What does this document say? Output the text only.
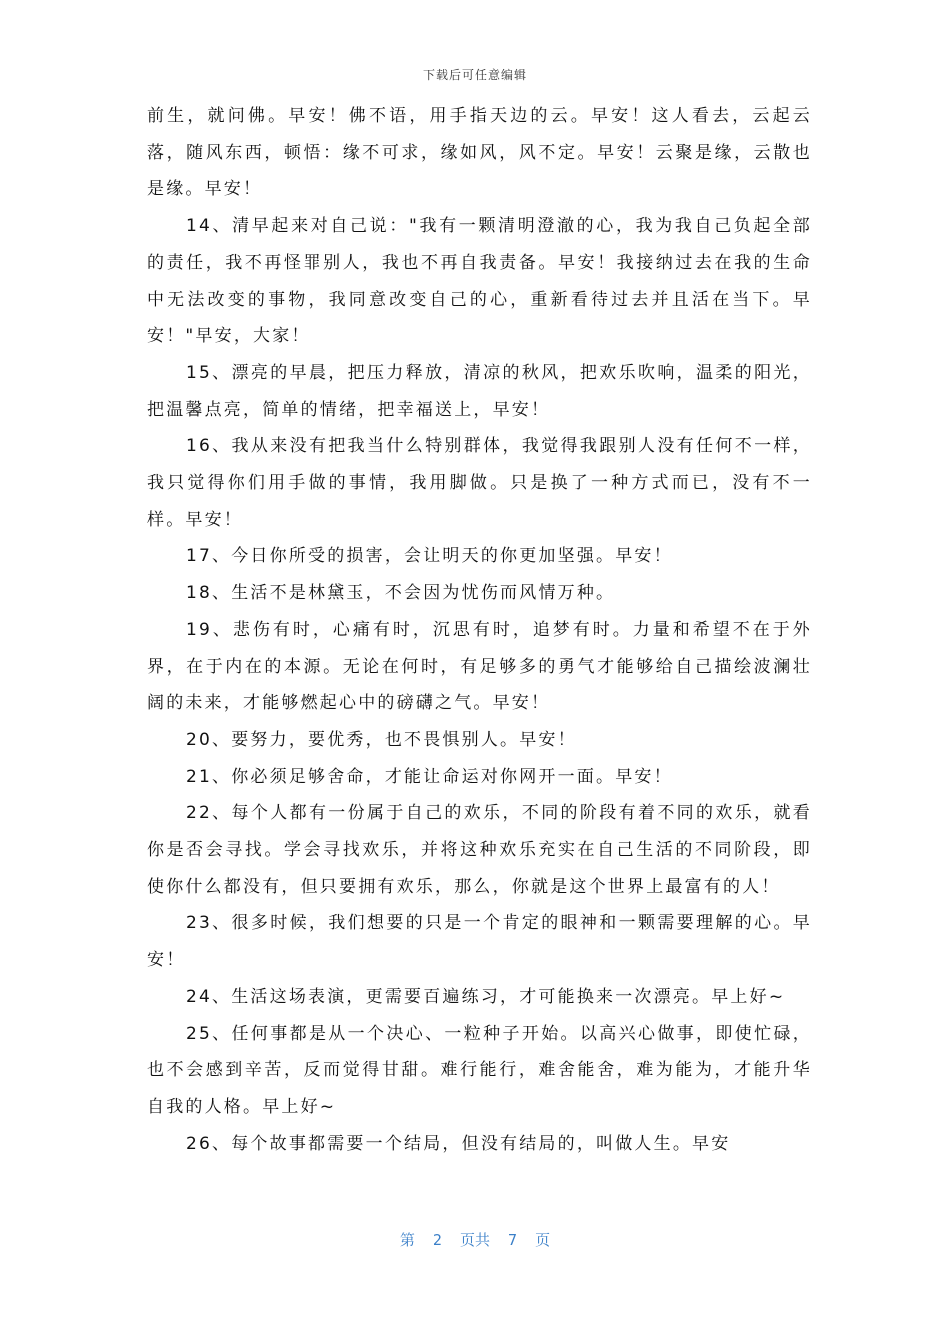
下载后可任意编辑

前生，就问佛。早安！佛不语，用手指天边的云。早安！这人看去，云起云落，随风东西，顿悟：缘不可求，缘如风，风不定。早安！云聚是缘，云散也是缘。早安！

14、清早起来对自己说："我有一颗清明澄澈的心，我为我自己负起全部的责任，我不再怪罪别人，我也不再自我责备。早安！我接纳过去在我的生命中无法改变的事物，我同意改变自己的心，重新看待过去并且活在当下。早安！"早安，大家！

15、漂亮的早晨，把压力释放，清凉的秋风，把欢乐吹响，温柔的阳光，把温馨点亮，简单的情绪，把幸福送上，早安！

16、我从来没有把我当什么特别群体，我觉得我跟别人没有任何不一样，我只觉得你们用手做的事情，我用脚做。只是换了一种方式而已，没有不一样。早安！

17、今日你所受的损害，会让明天的你更加坚强。早安！

18、生活不是林黛玉，不会因为忧伤而风情万种。

19、悲伤有时，心痛有时，沉思有时，追梦有时。力量和希望不在于外界，在于内在的本源。无论在何时，有足够多的勇气才能够给自己描绘波澜壮阔的未来，才能够燃起心中的磅礴之气。早安！

20、要努力，要优秀，也不畏惧别人。早安！

21、你必须足够舍命，才能让命运对你网开一面。早安！

22、每个人都有一份属于自己的欢乐，不同的阶段有着不同的欢乐，就看你是否会寻找。学会寻找欢乐，并将这种欢乐充实在自己生活的不同阶段，即使你什么都没有，但只要拥有欢乐，那么，你就是这个世界上最富有的人！

23、很多时候，我们想要的只是一个肯定的眼神和一颗需要理解的心。早安！

24、生活这场表演，更需要百遍练习，才可能换来一次漂亮。早上好~

25、任何事都是从一个决心、一粒种子开始。以高兴心做事，即使忙碌，也不会感到辛苦，反而觉得甘甜。难行能行，难舍能舍，难为能为，才能升华自我的人格。早上好~

26、每个故事都需要一个结局，但没有结局的，叫做人生。早安

第  2  页共  7  页
